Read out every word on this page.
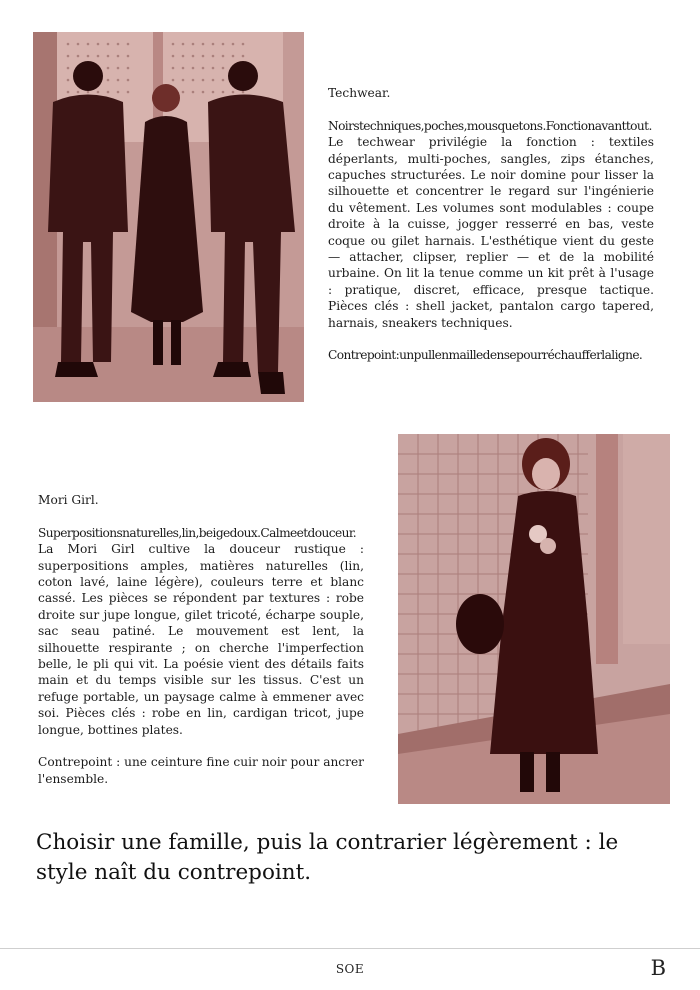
Techwear.

Noirstechniques,poches,mousquetons.Fonctionavanttout.

Le techwear privilégie la fonction : textiles déperlants, multi-poches, sangles, zips étanches, capuches structurées. Le noir domine pour lisser la silhouette et concentrer le regard sur l'ingénierie du vêtement. Les volumes sont modulables : coupe droite à la cuisse, jogger resserré en bas, veste coque ou gilet harnais. L'esthétique vient du geste — attacher, clipser, replier — et de la mobilité urbaine. On lit la tenue comme un kit prêt à l'usage : pratique, discret, efficace, presque tactique. Pièces clés : shell jacket, pantalon cargo tapered, harnais, sneakers techniques.

Contrepoint:unpullenmailledensepourréchaufferlaligne.

Mori Girl.

Superpositionsnaturelles,lin,beigedoux.Calmeetdouceur.

La Mori Girl cultive la douceur rustique : superpositions amples, matières naturelles (lin, coton lavé, laine légère), couleurs terre et blanc cassé. Les pièces se répondent par textures : robe droite sur jupe longue, gilet tricoté, écharpe souple, sac seau patiné. Le mouvement est lent, la silhouette respirante ; on cherche l'imperfection belle, le pli qui vit. La poésie vient des détails faits main et du temps visible sur les tissus. C'est un refuge portable, un paysage calme à emmener avec soi. Pièces clés : robe en lin, cardigan tricot, jupe longue, bottines plates.

Contrepoint : une ceinture fine cuir noir pour ancrer l'ensemble.

Choisir une famille, puis la contrarier légèrement : le style naît du contrepoint.
SOE	B
